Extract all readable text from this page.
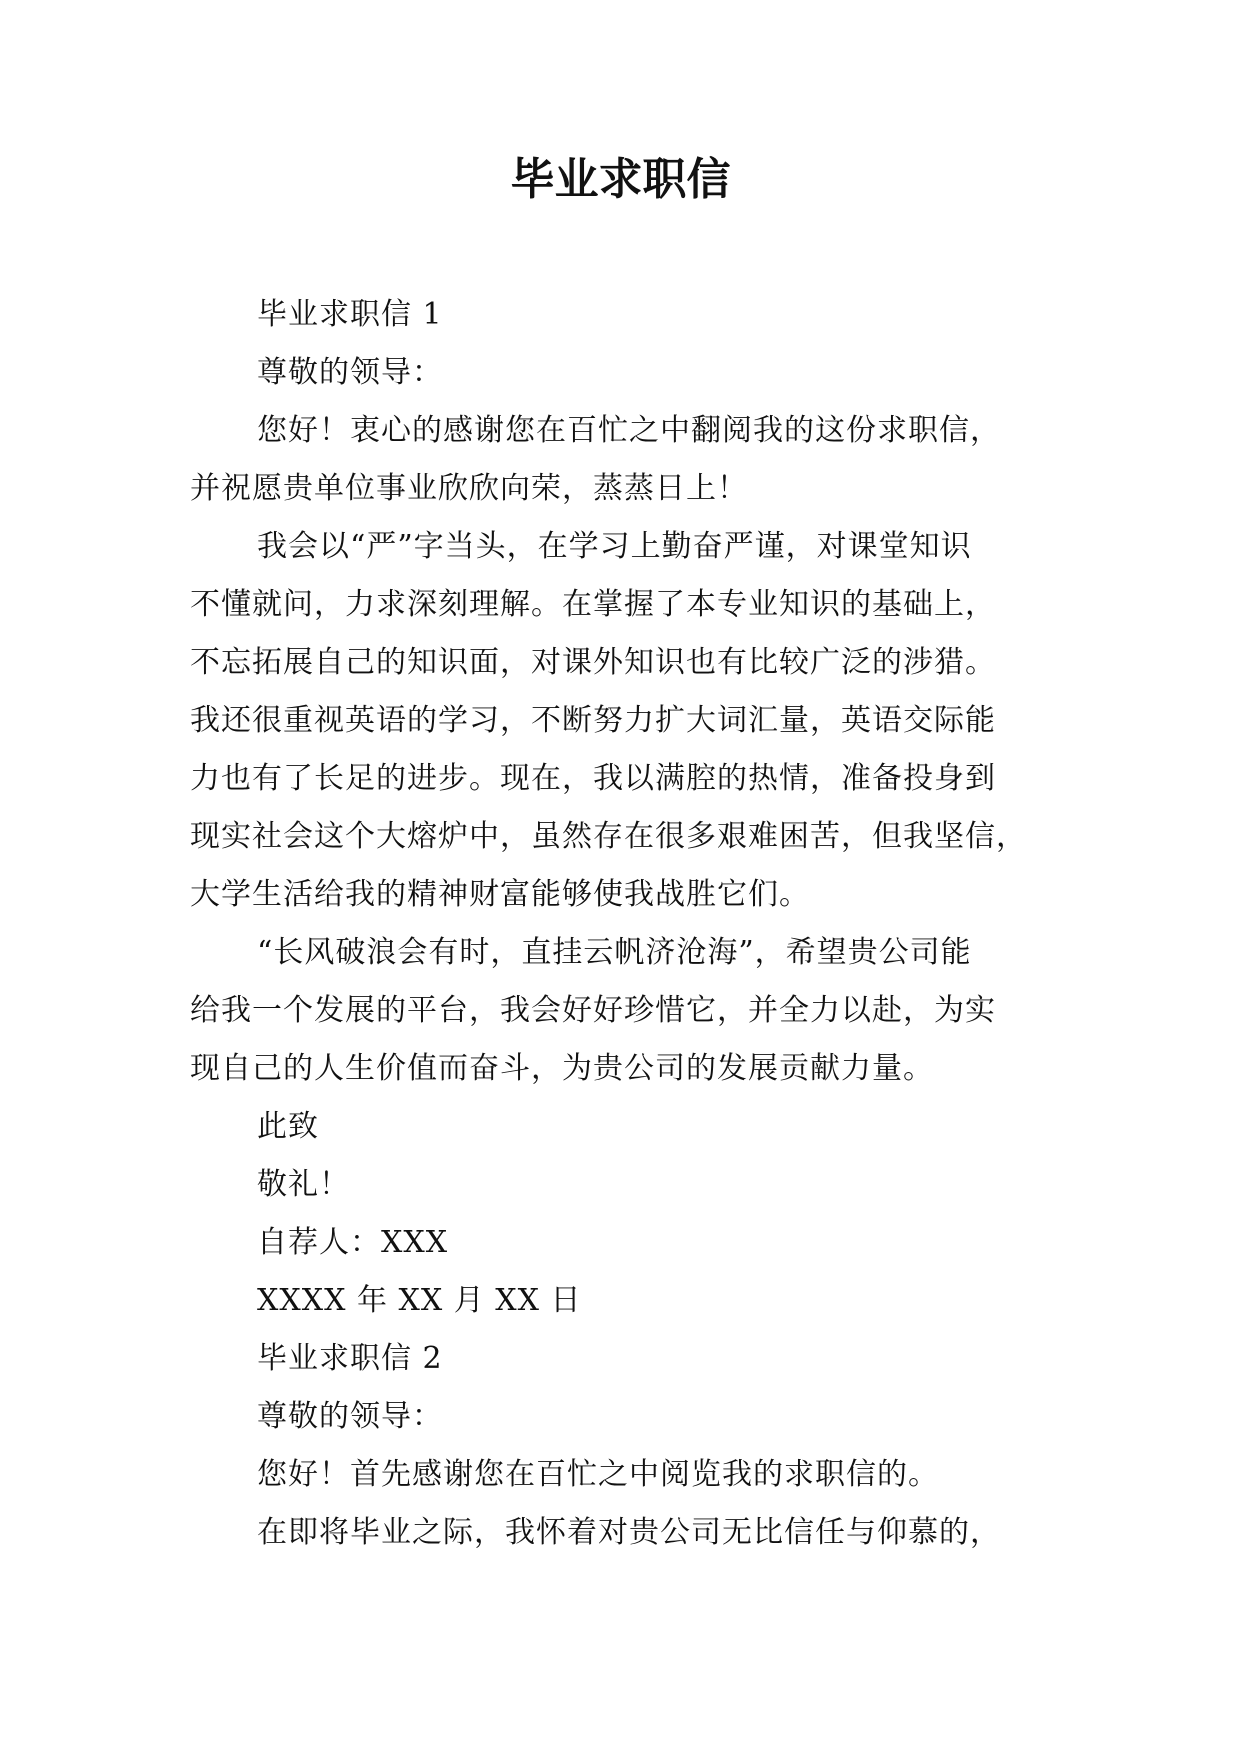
毕业求职信
毕业求职信 1
尊敬的领导：
您好！衷心的感谢您在百忙之中翻阅我的这份求职信，
并祝愿贵单位事业欣欣向荣，蒸蒸日上！
我会以“严”字当头，在学习上勤奋严谨，对课堂知识
不懂就问，力求深刻理解。在掌握了本专业知识的基础上，
不忘拓展自己的知识面，对课外知识也有比较广泛的涉猎。
我还很重视英语的学习，不断努力扩大词汇量，英语交际能
力也有了长足的进步。现在，我以满腔的热情，准备投身到
现实社会这个大熔炉中，虽然存在很多艰难困苦，但我坚信，
大学生活给我的精神财富能够使我战胜它们。
“长风破浪会有时，直挂云帆济沧海”，希望贵公司能
给我一个发展的平台，我会好好珍惜它，并全力以赴，为实
现自己的人生价值而奋斗，为贵公司的发展贡献力量。
此致
敬礼！
自荐人：XXX
XXXX 年 XX 月 XX 日
毕业求职信 2
尊敬的领导：
您好！首先感谢您在百忙之中阅览我的求职信的。
在即将毕业之际，我怀着对贵公司无比信任与仰慕的，
